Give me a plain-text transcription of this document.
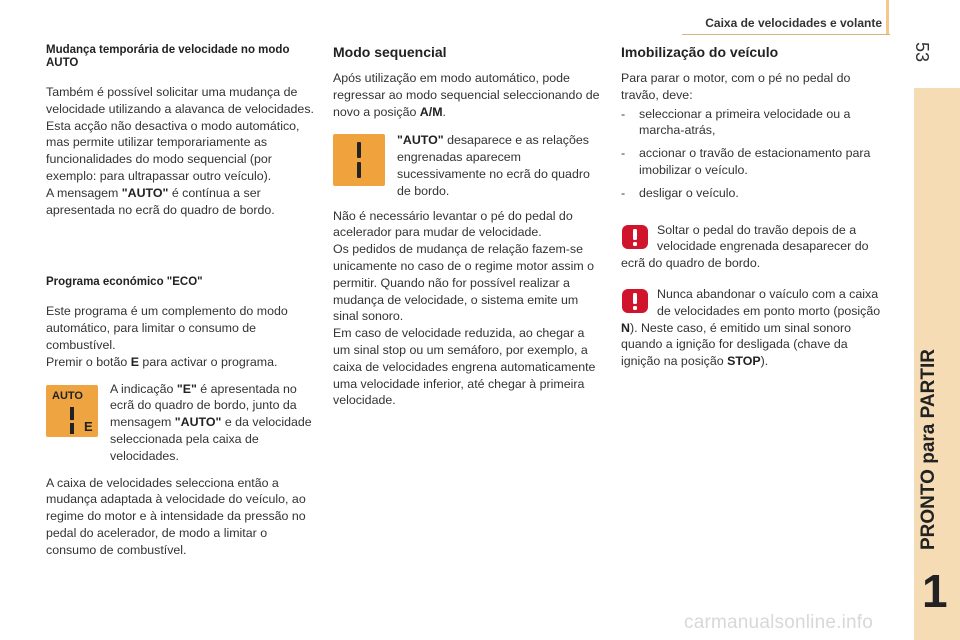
Caixa de velocidades e volante
53
PRONTO para PARTIR
1
Mudança temporária de velocidade no modo AUTO

Também é possível solicitar uma mudança de velocidade utilizando a alavanca de velocidades.

Esta acção não desactiva o modo automático, mas permite utilizar temporariamente as funcionalidades do modo sequencial (por exemplo: para ultrapassar outro veículo).

A mensagem "AUTO" é contínua a ser apresentada no ecrã do quadro de bordo.

Programa económico "ECO"

Este programa é um complemento do modo automático, para limitar o consumo de combustível.

Premir o botão E para activar o programa.

AUTO
E

A indicação "E" é apresentada no ecrã do quadro de bordo, junto da mensagem "AUTO" e da velocidade seleccionada pela caixa de velocidades.

A caixa de velocidades selecciona então a mudança adaptada à velocidade do veículo, ao regime do motor e à intensidade da pressão no pedal do acelerador, de modo a limitar o consumo de combustível.

Modo sequencial

Após utilização em modo automático, pode regressar ao modo sequencial seleccionando de novo a posição A/M.

"AUTO" desaparece e as relações engrenadas aparecem sucessivamente no ecrã do quadro de bordo.

Não é necessário levantar o pé do pedal do acelerador para mudar de velocidade.

Os pedidos de mudança de relação fazem-se unicamente no caso de o regime motor assim o permitir. Quando não for possível realizar a mudança de velocidade, o sistema emite um sinal sonoro.

Em caso de velocidade reduzida, ao chegar a um sinal stop ou um semáforo, por exemplo, a caixa de velocidades engrena automaticamente uma velocidade inferior, até chegar à primeira velocidade.

Imobilização do veículo

Para parar o motor, com o pé no pedal do travão, deve:

-	seleccionar a primeira velocidade ou a marcha-atrás,
-	accionar o travão de estacionamento para imobilizar o veículo.
-	desligar o veículo.

Soltar o pedal do travão depois de a velocidade engrenada desaparecer do ecrã do quadro de bordo.

Nunca abandonar o vaículo com a caixa de velocidades em ponto morto (posição N). Neste caso, é emitido um sinal sonoro quando a ignição for desligada (chave da ignição na posição STOP).

carmanualsonline.info
